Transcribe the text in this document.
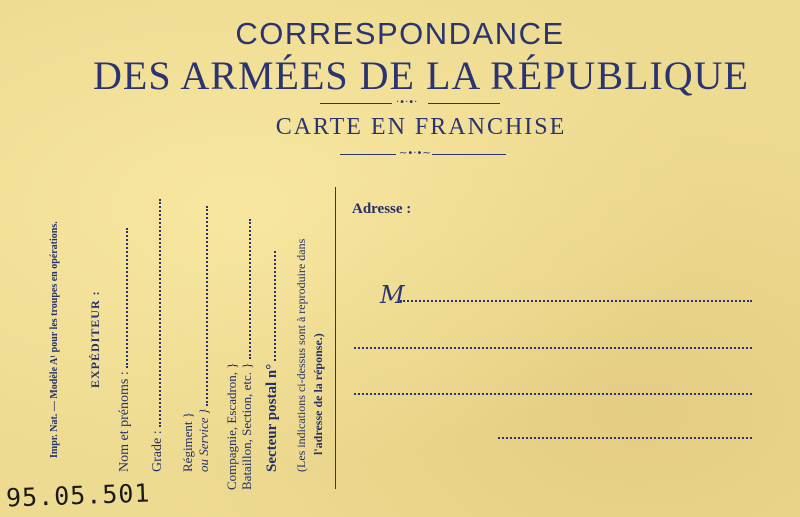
CORRESPONDANCE
DES ARMÉES DE LA RÉPUBLIQUE
·•·•·
CARTE EN FRANCHISE
~•·•~
Impr. Nat. — Modèle A¹ pour les troupes en opérations. EXPÉDITEUR :
Nom et prénoms : Grade : Régiment } ou Service } Compagnie, Escadron, } Bataillon, Section, etc. } Secteur postal n° (Les indications ci-dessus sont à reproduire dans l'adresse de la réponse.)
Adresse :
M
95.05.501
